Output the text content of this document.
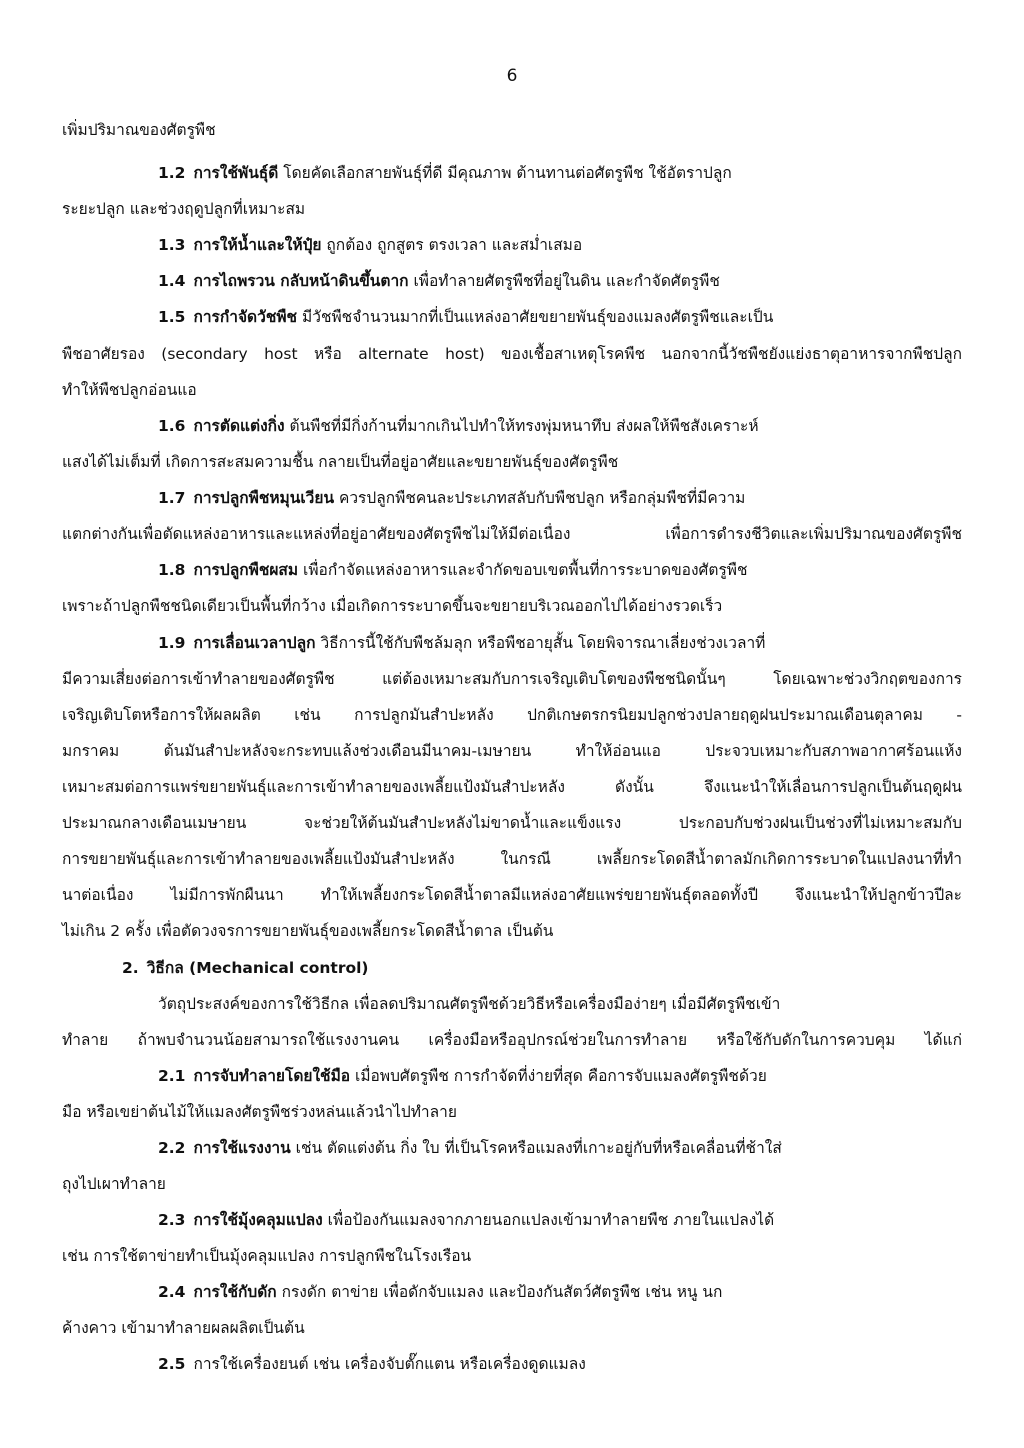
6
เพิ่มปริมาณของศัตรูพืช
1.2 การใช้พันธุ์ดี โดยคัดเลือกสายพันธุ์ที่ดี มีคุณภาพ ต้านทานต่อศัตรูพืช ใช้อัตราปลูก
ระยะปลูก และช่วงฤดูปลูกที่เหมาะสม
1.3 การให้น้ำและให้ปุ๋ย ถูกต้อง ถูกสูตร ตรงเวลา และสม่ำเสมอ
1.4 การไถพรวน กลับหน้าดินขึ้นตาก เพื่อทำลายศัตรูพืชที่อยู่ในดิน และกำจัดศัตรูพืช
1.5 การกำจัดวัชพืช มีวัชพืชจำนวนมากที่เป็นแหล่งอาศัยขยายพันธุ์ของแมลงศัตรูพืชและเป็น
พืชอาศัยรอง (secondary host หรือ alternate host) ของเชื้อสาเหตุโรคพืช นอกจากนี้วัชพืชยังแย่งธาตุอาหารจากพืชปลูก
ทำให้พืชปลูกอ่อนแอ
1.6 การตัดแต่งกิ่ง ต้นพืชที่มีกิ่งก้านที่มากเกินไปทำให้ทรงพุ่มหนาทึบ ส่งผลให้พืชสังเคราะห์
แสงได้ไม่เต็มที่ เกิดการสะสมความชื้น กลายเป็นที่อยู่อาศัยและขยายพันธุ์ของศัตรูพืช
1.7 การปลูกพืชหมุนเวียน ควรปลูกพืชคนละประเภทสลับกับพืชปลูก หรือกลุ่มพืชที่มีความ
แตกต่างกันเพื่อตัดแหล่งอาหารและแหล่งที่อยู่อาศัยของศัตรูพืชไม่ให้มีต่อเนื่อง เพื่อการดำรงชีวิตและเพิ่มปริมาณของศัตรูพืช
1.8 การปลูกพืชผสม เพื่อกำจัดแหล่งอาหารและจำกัดขอบเขตพื้นที่การระบาดของศัตรูพืช
เพราะถ้าปลูกพืชชนิดเดียวเป็นพื้นที่กว้าง เมื่อเกิดการระบาดขึ้นจะขยายบริเวณออกไปได้อย่างรวดเร็ว
1.9 การเลื่อนเวลาปลูก วิธีการนี้ใช้กับพืชล้มลุก หรือพืชอายุสั้น โดยพิจารณาเลี่ยงช่วงเวลาที่
มีความเสี่ยงต่อการเข้าทำลายของศัตรูพืช แต่ต้องเหมาะสมกับการเจริญเติบโตของพืชชนิดนั้นๆ โดยเฉพาะช่วงวิกฤตของการ
เจริญเติบโตหรือการให้ผลผลิต เช่น การปลูกมันสำปะหลัง ปกติเกษตรกรนิยมปลูกช่วงปลายฤดูฝนประมาณเดือนตุลาคม -
มกราคม ต้นมันสำปะหลังจะกระทบแล้งช่วงเดือนมีนาคม-เมษายน ทำให้อ่อนแอ ประจวบเหมาะกับสภาพอากาศร้อนแห้ง
เหมาะสมต่อการแพร่ขยายพันธุ์และการเข้าทำลายของเพลี้ยแป้งมันสำปะหลัง ดังนั้น จึงแนะนำให้เลื่อนการปลูกเป็นต้นฤดูฝน
ประมาณกลางเดือนเมษายน จะช่วยให้ต้นมันสำปะหลังไม่ขาดน้ำและแข็งแรง ประกอบกับช่วงฝนเป็นช่วงที่ไม่เหมาะสมกับ
การขยายพันธุ์และการเข้าทำลายของเพลี้ยแป้งมันสำปะหลัง ในกรณี เพลี้ยกระโดดสีน้ำตาลมักเกิดการระบาดในแปลงนาที่ทำ
นาต่อเนื่อง ไม่มีการพักผืนนา ทำให้เพลี้ยงกระโดดสีน้ำตาลมีแหล่งอาศัยแพร่ขยายพันธุ์ตลอดทั้งปี จึงแนะนำให้ปลูกข้าวปีละ
ไม่เกิน 2 ครั้ง เพื่อตัดวงจรการขยายพันธุ์ของเพลี้ยกระโดดสีน้ำตาล เป็นต้น
2. วิธีกล (Mechanical control)
วัตถุประสงค์ของการใช้วิธีกล เพื่อลดปริมาณศัตรูพืชด้วยวิธีหรือเครื่องมือง่ายๆ เมื่อมีศัตรูพืชเข้า
ทำลาย ถ้าพบจำนวนน้อยสามารถใช้แรงงานคน เครื่องมือหรืออุปกรณ์ช่วยในการทำลาย หรือใช้กับดักในการควบคุม ได้แก่
2.1 การจับทำลายโดยใช้มือ เมื่อพบศัตรูพืช การกำจัดที่ง่ายที่สุด คือการจับแมลงศัตรูพืชด้วย
มือ หรือเขย่าต้นไม้ให้แมลงศัตรูพืชร่วงหล่นแล้วนำไปทำลาย
2.2 การใช้แรงงาน เช่น ตัดแต่งต้น กิ่ง ใบ ที่เป็นโรคหรือแมลงที่เกาะอยู่กับที่หรือเคลื่อนที่ช้าใส่
ถุงไปเผาทำลาย
2.3 การใช้มุ้งคลุมแปลง เพื่อป้องกันแมลงจากภายนอกแปลงเข้ามาทำลายพืช ภายในแปลงได้
เช่น การใช้ตาข่ายทำเป็นมุ้งคลุมแปลง การปลูกพืชในโรงเรือน
2.4 การใช้กับดัก กรงดัก ตาข่าย เพื่อดักจับแมลง และป้องกันสัตว์ศัตรูพืช เช่น หนู นก
ค้างคาว เข้ามาทำลายผลผลิตเป็นต้น
2.5 การใช้เครื่องยนต์ เช่น เครื่องจับตั๊กแตน หรือเครื่องดูดแมลง
